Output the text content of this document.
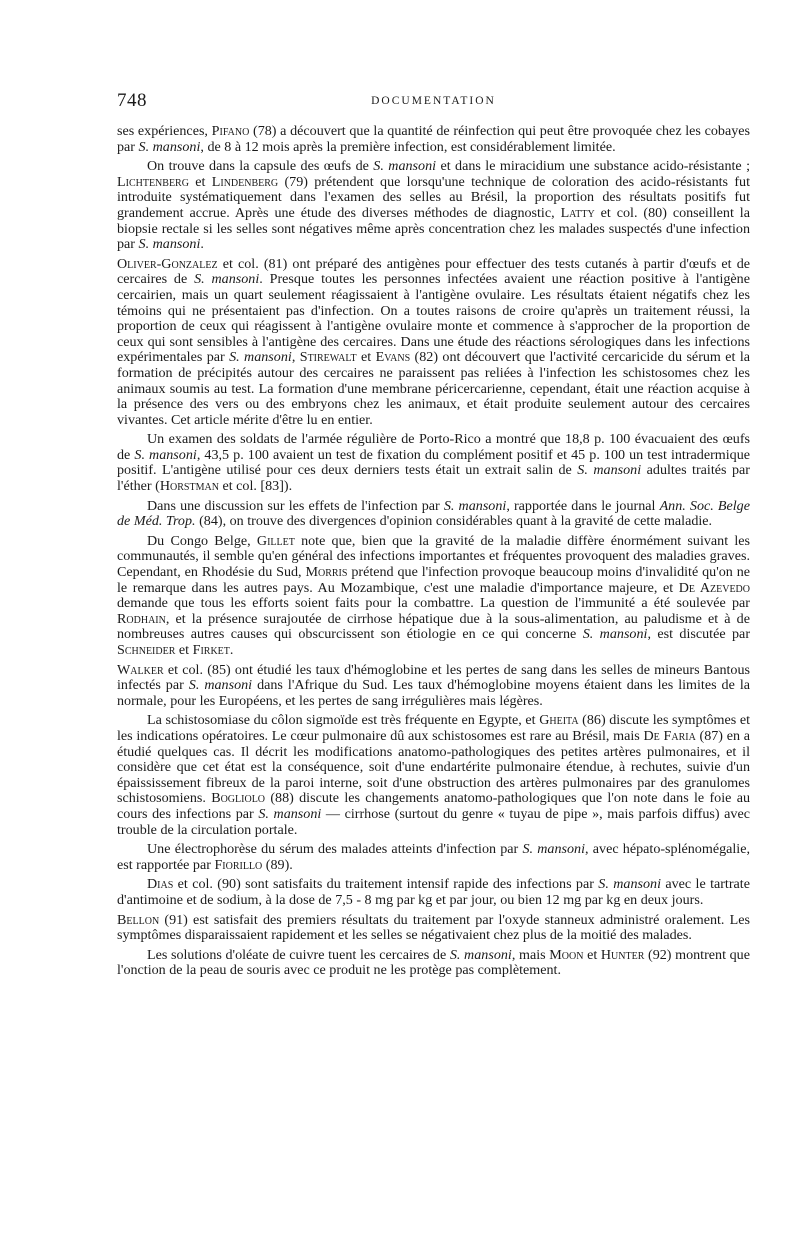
748	DOCUMENTATION

ses expériences, Pifano (78) a découvert que la quantité de réinfection qui peut être provoquée chez les cobayes par S. mansoni, de 8 à 12 mois après la première infection, est considérablement limitée.

On trouve dans la capsule des œufs de S. mansoni et dans le miracidium une substance acido-résistante ; Lichtenberg et Lindenberg (79) prétendent que lorsqu'une technique de coloration des acido-résistants fut introduite systématiquement dans l'examen des selles au Brésil, la proportion des résultats positifs fut grandement accrue. Après une étude des diverses méthodes de diagnostic, Latty et col. (80) conseillent la biopsie rectale si les selles sont négatives même après concentration chez les malades suspectés d'une infection par S. mansoni.

Oliver-Gonzalez et col. (81) ont préparé des antigènes pour effectuer des tests cutanés à partir d'œufs et de cercaires de S. mansoni. Presque toutes les personnes infectées avaient une réaction positive à l'antigène cercairien, mais un quart seulement réagissaient à l'antigène ovulaire. Les résultats étaient négatifs chez les témoins qui ne présentaient pas d'infection. On a toutes raisons de croire qu'après un traitement réussi, la proportion de ceux qui réagissent à l'antigène ovulaire monte et commence à s'approcher de la proportion de ceux qui sont sensibles à l'antigène des cercaires. Dans une étude des réactions sérologiques dans les infections expérimentales par S. mansoni, Stirewalt et Evans (82) ont découvert que l'activité cercaricide du sérum et la formation de précipités autour des cercaires ne paraissent pas reliées à l'infection les schistosomes chez les animaux soumis au test. La formation d'une membrane péricercarienne, cependant, était une réaction acquise à la présence des vers ou des embryons chez les animaux, et était produite seulement autour des cercaires vivantes. Cet article mérite d'être lu en entier.

Un examen des soldats de l'armée régulière de Porto-Rico a montré que 18,8 p. 100 évacuaient des œufs de S. mansoni, 43,5 p. 100 avaient un test de fixation du complément positif et 45 p. 100 un test intradermique positif. L'antigène utilisé pour ces deux derniers tests était un extrait salin de S. mansoni adultes traités par l'éther (Horstman et col. [83]).

Dans une discussion sur les effets de l'infection par S. mansoni, rapportée dans le journal Ann. Soc. Belge de Méd. Trop. (84), on trouve des divergences d'opinion considérables quant à la gravité de cette maladie.

Du Congo Belge, Gillet note que, bien que la gravité de la maladie diffère énormément suivant les communautés, il semble qu'en général des infections importantes et fréquentes provoquent des maladies graves. Cependant, en Rhodésie du Sud, Morris prétend que l'infection provoque beaucoup moins d'invalidité qu'on ne le remarque dans les autres pays. Au Mozambique, c'est une maladie d'importance majeure, et De Azevedo demande que tous les efforts soient faits pour la combattre. La question de l'immunité a été soulevée par Rodhain, et la présence surajoutée de cirrhose hépatique due à la sous-alimentation, au paludisme et à de nombreuses autres causes qui obscurcissent son étiologie en ce qui concerne S. mansoni, est discutée par Schneider et Firket.

Walker et col. (85) ont étudié les taux d'hémoglobine et les pertes de sang dans les selles de mineurs Bantous infectés par S. mansoni dans l'Afrique du Sud. Les taux d'hémoglobine moyens étaient dans les limites de la normale, pour les Européens, et les pertes de sang irrégulières mais légères.

La schistosomiase du côlon sigmoïde est très fréquente en Egypte, et Gheita (86) discute les symptômes et les indications opératoires. Le cœur pulmonaire dû aux schistosomes est rare au Brésil, mais De Faria (87) en a étudié quelques cas. Il décrit les modifications anatomo-pathologiques des petites artères pulmonaires, et il considère que cet état est la conséquence, soit d'une endartérite pulmonaire étendue, à rechutes, suivie d'un épaississement fibreux de la paroi interne, soit d'une obstruction des artères pulmonaires par des granulomes schistosomiens. Bogliolo (88) discute les changements anatomo-pathologiques que l'on note dans le foie au cours des infections par S. mansoni — cirrhose (surtout du genre « tuyau de pipe », mais parfois diffus) avec trouble de la circulation portale.

Une électrophorèse du sérum des malades atteints d'infection par S. mansoni, avec hépato-splénomégalie, est rapportée par Fiorillo (89).

Dias et col. (90) sont satisfaits du traitement intensif rapide des infections par S. mansoni avec le tartrate d'antimoine et de sodium, à la dose de 7,5 - 8 mg par kg et par jour, ou bien 12 mg par kg en deux jours.

Bellon (91) est satisfait des premiers résultats du traitement par l'oxyde stanneux administré oralement. Les symptômes disparaissaient rapidement et les selles se négativaient chez plus de la moitié des malades.

Les solutions d'oléate de cuivre tuent les cercaires de S. mansoni, mais Moon et Hunter (92) montrent que l'onction de la peau de souris avec ce produit ne les protège pas complètement.
